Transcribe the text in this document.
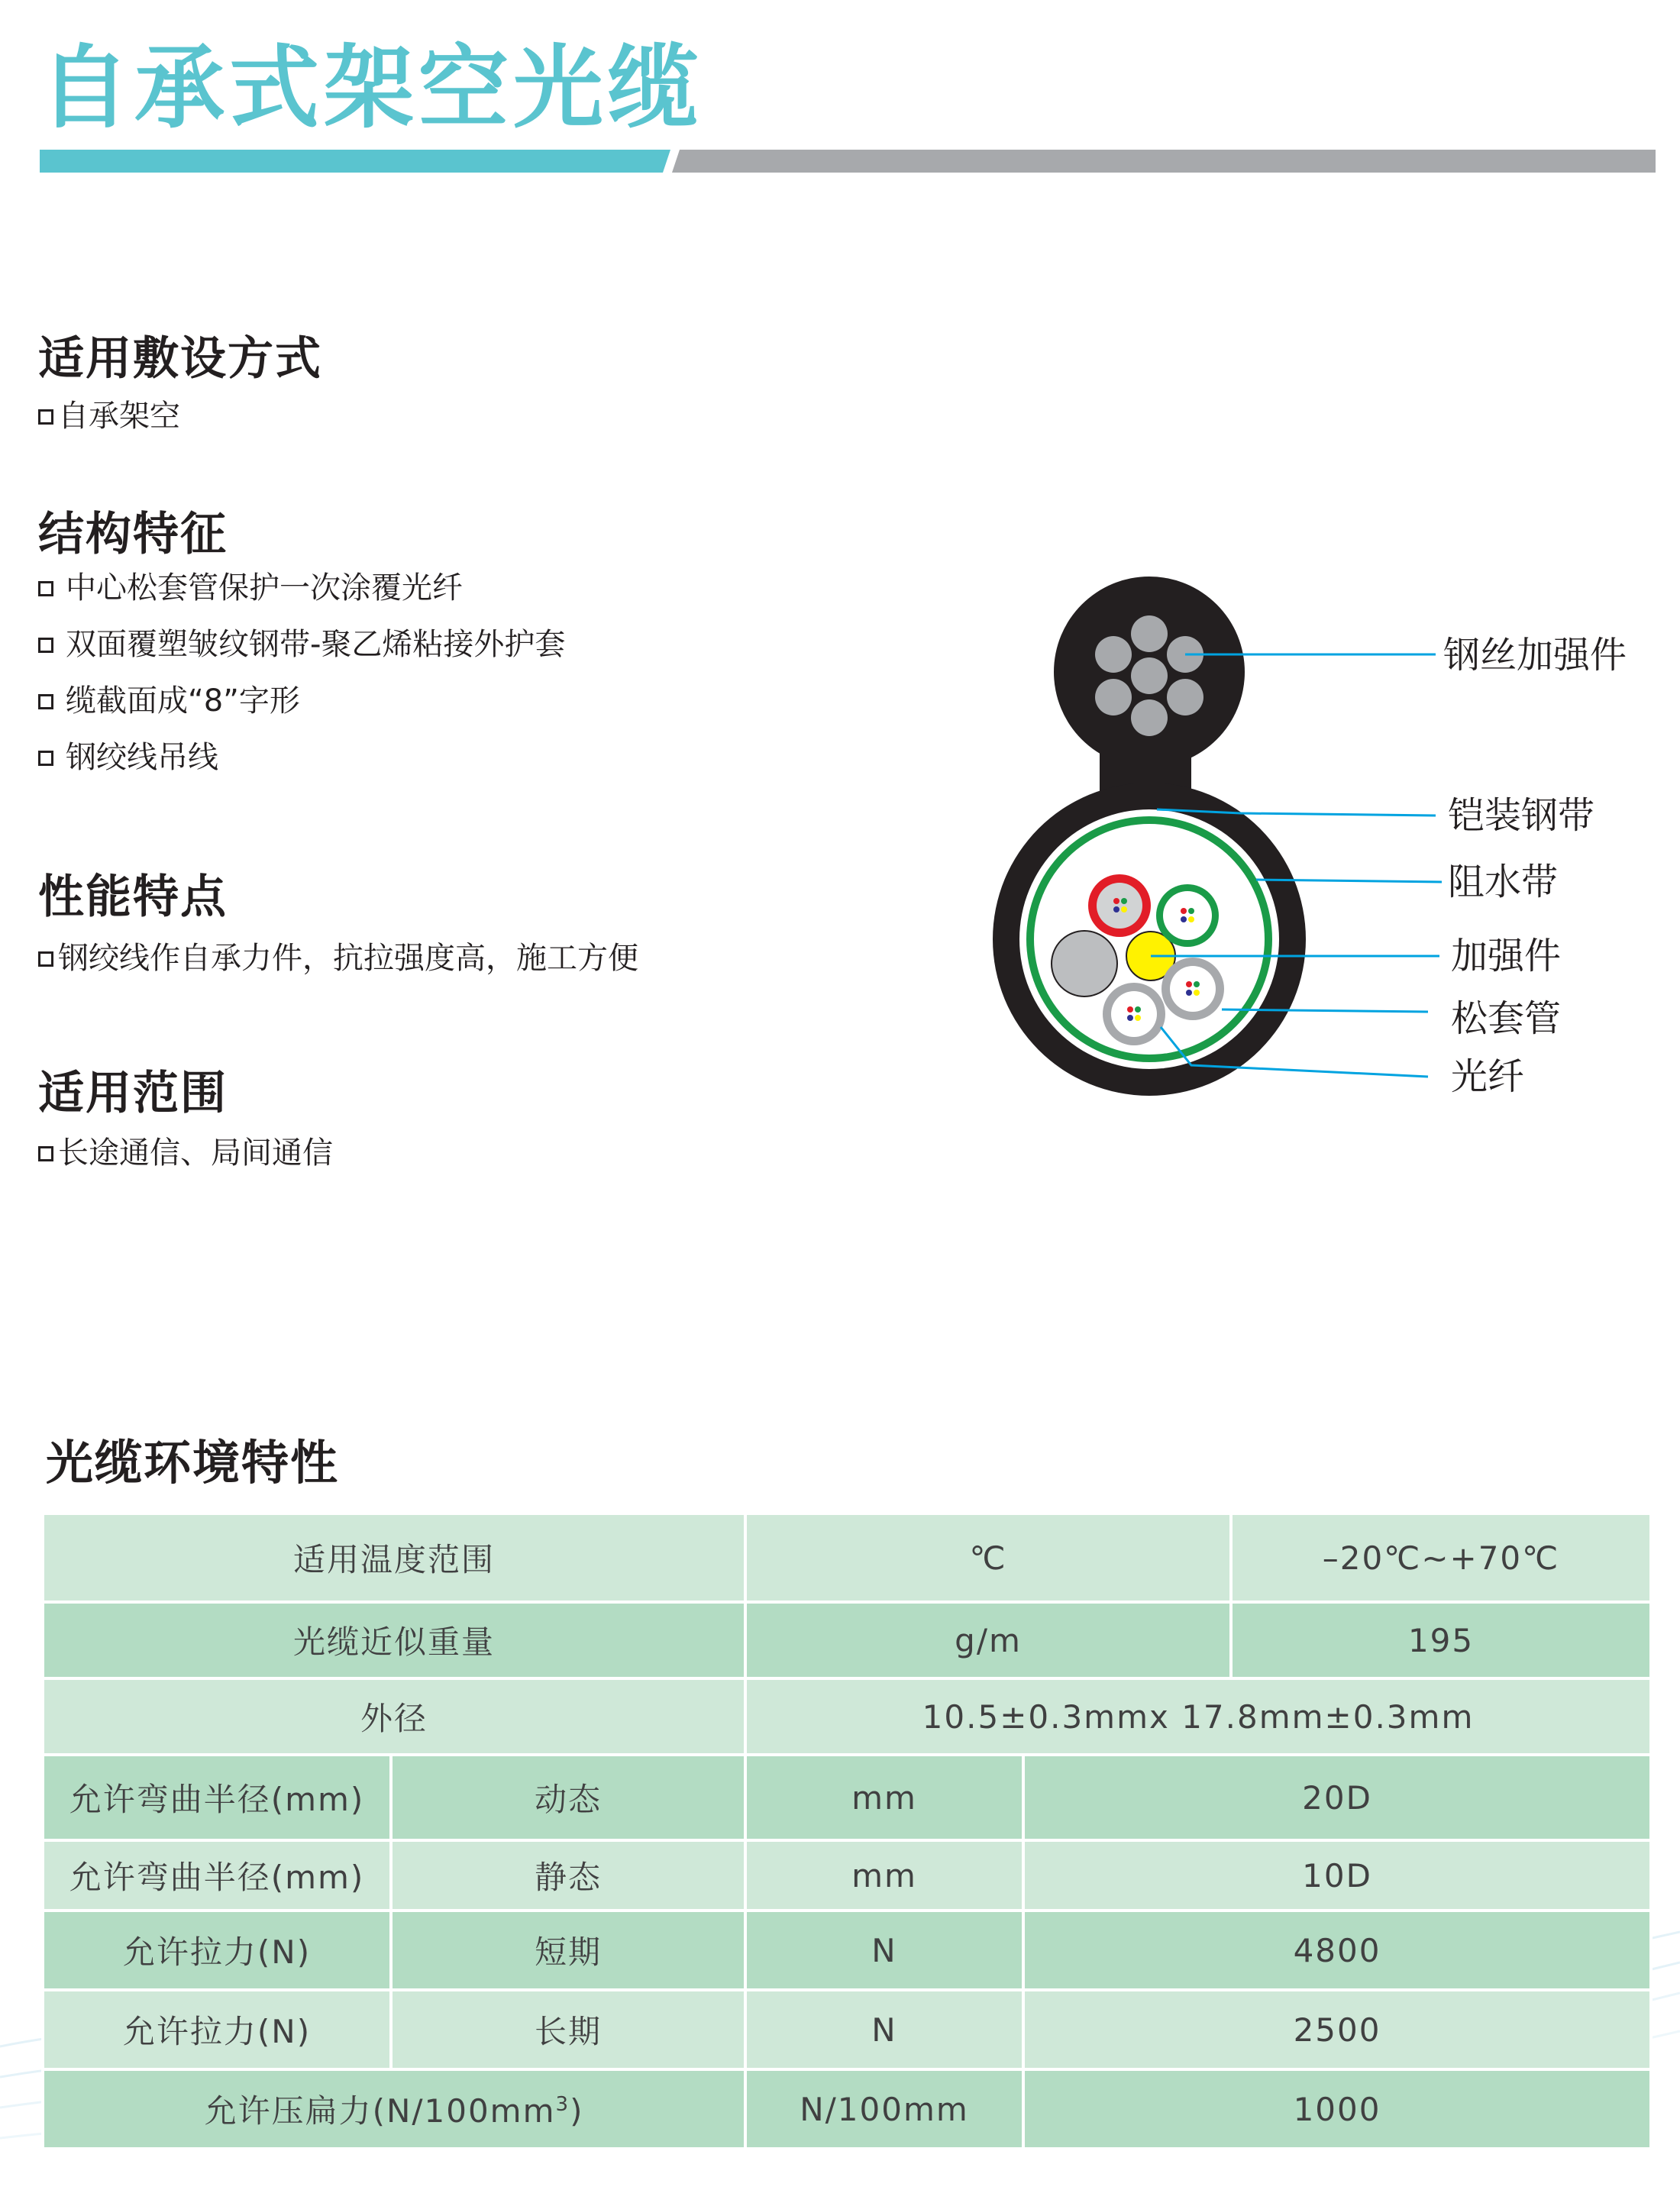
自承式架空光缆
适用敷设方式
自承架空
结构特征
中心松套管保护一次涂覆光纤
双面覆塑皱纹钢带-聚乙烯粘接外护套
缆截面成“8”字形
钢绞线吊线
性能特点
钢绞线作自承力件，抗拉强度高，施工方便
适用范围
长途通信、局间通信
钢丝加强件
铠装钢带
阻水带
加强件
松套管
光纤
光缆环境特性
适用温度范围		℃		–20℃~+70℃
光缆近似重量		g/m		195
外径		10.5±0.3mmx 17.8mm±0.3mm		
允许弯曲半径(mm)	动态	mm	20D	
允许弯曲半径(mm)	静态	mm	10D	
允许拉力(N)	短期	N	4800	
允许拉力(N)	长期	N	2500	
允许压扁力$(N/100mm^3)$		N/100mm	1000	
